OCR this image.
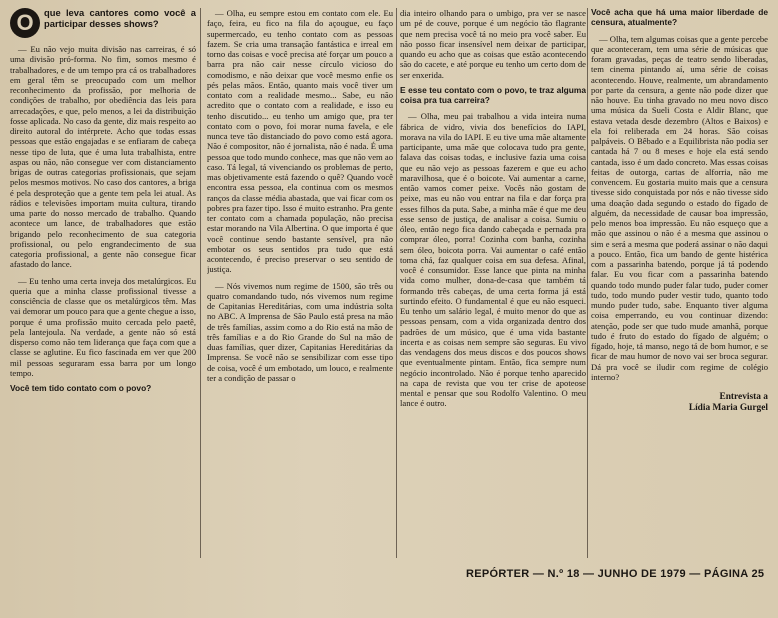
O	que leva cantores como você a participar desses shows?

— Eu não vejo muita divisão nas carreiras, é só uma divisão pró-forma. No fim, somos mesmo é trabalhadores, e de um tempo pra cá os trabalhadores em geral têm se preocupado com um melhor reconhecimento da profissão, por melhoria de condições de trabalho, por obediência das leis para arrecadações, e que, pelo menos, a lei da distribuição fosse aplicada. No caso da gente, diz mais respeito ao direito autoral do intérprete. Acho que todas essas pessoas que estão engajadas e se enfiaram de cabeça nesse tipo de luta, que é uma luta trabalhista, entre aspas ou não, não consegue ver com distanciamento brigas de outras categorias profissionais, que sejam pelos mesmos motivos. No caso dos cantores, a briga é pela desproteção que a gente tem pela lei atual. As rádios e televisões importam muita cultura, tirando uma parte do nosso mercado de trabalho. Quando acontece um lance, de trabalhadores que estão brigando pelo reconhecimento de sua categoria profissional, ou pelo engrandecimento de sua categoria profissional, a gente não consegue ficar afastado do lance.

— Eu tenho uma certa inveja dos metalúrgicos. Eu queria que a minha classe profissional tivesse a consciência de classe que os metalúrgicos têm. Mas vai demorar um pouco para que a gente chegue a isso, porque é uma profissão muito cercada pelo paetê, pela lantejoula. Na verdade, a gente não só está disperso como não tem liderança que faça com que a classe se aglutine. Eu fico fascinada em ver que 200 mil pessoas seguraram essa barra por um longo tempo.

Você tem tido contato com o povo?

— Olha, eu sempre estou em contato com ele. Eu faço, feira, eu fico na fila do açougue, eu faço supermercado, eu tenho contato com as pessoas fazem. Se cria uma transação fantástica e irreal em torno das coisas e você precisa até forçar um pouco a barra pra não cair nesse círculo vicioso do comodismo, e não deixar que você mesmo enfie os pés pelas mãos. Então, quanto mais você tiver um contato com a realidade mesmo... Sabe, eu não acredito que o contato com a realidade, e isso eu tenho discutido... eu tenho um amigo que, pra ter contato com o povo, foi morar numa favela, e ele nunca teve tão distanciado do povo como está agora. Não é compositor, não é jornalista, não é nada. É uma pessoa que todo mundo conhece, mas que não vem ao caso. Tá legal, tá vivenciando os problemas de perto, mas objetivamente está fazendo o quê? Quando você encontra essa pessoa, ela continua com os mesmos ranços da classe média abastada, que vai ficar com os pobres pra fazer tipo. Isso é muito estranho. Pra gente ter contato com a chamada população, não precisa estar morando na Vila Albertina. O que importa é que você continue sendo bastante sensível, pra não embotar os seus sentidos pra tudo que está acontecendo, é preciso preservar o seu sentido de justiça.

— Nós vivemos num regime de 1500, são três ou quatro comandando tudo, nós vivemos num regime de Capitanias Hereditárias, com uma indústria solta no ABC. A Imprensa de São Paulo está presa na mão de três famílias, assim como a do Rio está na mão de três famílias e a do Rio Grande do Sul na mão de duas famílias, quer dizer, Capitanias Hereditárias da Imprensa. Se você não se sensibilizar com esse tipo de coisa, você é um embotado, um louco, e realmente ter a condição de passar o

dia inteiro olhando para o umbigo, pra ver se nasce um pé de couve, porque é um negócio tão flagrante que nem precisa você tá no meio pra você saber. Eu não posso ficar insensível nem deixar de participar, quando eu acho que as coisas que estão acontecendo são do cacete, e até porque eu tenho um certo dom de ser enxerida.

E esse teu contato com o povo, te traz alguma coisa pra tua carreira?

— Olha, meu pai trabalhou a vida inteira numa fábrica de vidro, vivia dos benefícios do IAPI, morava na vila do IAPI. E eu tive uma mãe altamente participante, uma mãe que colocava tudo pra gente, falava das coisas todas, e inclusive fazia uma coisa que eu não vejo as pessoas fazerem e que eu acho maravilhosa, que é o boicote. Vai aumentar a carne, então vamos comer peixe. Vocês não gostam de peixe, mas eu não vou entrar na fila e dar força pra esses filhos da puta. Sabe, a minha mãe é que me deu esse senso de justiça, de analisar a coisa. Sumiu o óleo, então nego fica dando cabeçada e pernada pra comprar óleo, porra! Cozinha com banha, cozinha sem óleo, boicota porra. Vai aumentar o café então toma chá, faz qualquer coisa em sua defesa. Afinal, você é consumidor. Esse lance que pinta na minha vida como mulher, dona-de-casa que também tá formando três cabeças, de uma certa forma já está surtindo efeito. O fundamental é que eu não esqueci. Eu tenho um salário legal, é muito menor do que as pessoas pensam, com a vida organizada dentro dos padrões de um músico, que é uma vida bastante incerta e as coisas nem sempre são seguras. Eu vivo das vendagens dos meus discos e dos poucos shows que eventualmente pintam. Então, fica sempre num negócio incontrolado. Não é porque tenho aparecido na capa de revista que vou ter crise de apoteose mental e pensar que sou Rodolfo Valentino. O meu lance é outro.

Você acha que há uma maior liberdade de censura, atualmente?

— Olha, tem algumas coisas que a gente percebe que aconteceram, tem uma série de músicas que foram gravadas, peças de teatro sendo liberadas, tem cinema pintando aí, uma série de coisas acontecendo. Houve, realmente, um abrandamento por parte da censura, a gente não pode dizer que não houve. Eu tinha gravado no meu novo disco uma música da Sueli Costa e Aldir Blanc, que estava vetada desde dezembro (Altos e Baixos) e ela foi reliberada em 24 horas. São coisas palpáveis. O Bêbado e a Equilibrista não podia ser cantada há 7 ou 8 meses e hoje ela está sendo cantada, isso é um dado concreto. Mas essas coisas feitas de outorga, cartas de alforria, não me convencem. Eu gostaria muito mais que a censura tivesse sido conquistada por nós e não tivesse sido uma doação dada segundo o estado do fígado de alguém, da necessidade de causar boa impressão, pelo menos boa impressão. Eu não esqueço que a mão que assinou o não é a mesma que assinou o sim e será a mesma que poderá assinar o não daqui a pouco. Então, fica um bando de gente histérica com a passarinha batendo, porque já tá podendo falar. Eu vou ficar com a passarinha batendo quando todo mundo puder falar tudo, puder comer tudo, todo mundo puder vestir tudo, quanto todo mundo puder tudo, sabe. Enquanto tiver alguma coisa emperrando, eu vou continuar dizendo: atenção, pode ser que tudo mude amanhã, porque tudo é fruto do estado do fígado de alguém; o fígado, hoje, tá manso, nego tá de bom humor, e se ficar de mau humor de novo vai ser broca segurar. Dá pra você se iludir com regime de colégio interno?

Entrevista a
Lídia Maria Gurgel
REPÓRTER — N.º 18 — JUNHO DE 1979 — PÁGINA 25
